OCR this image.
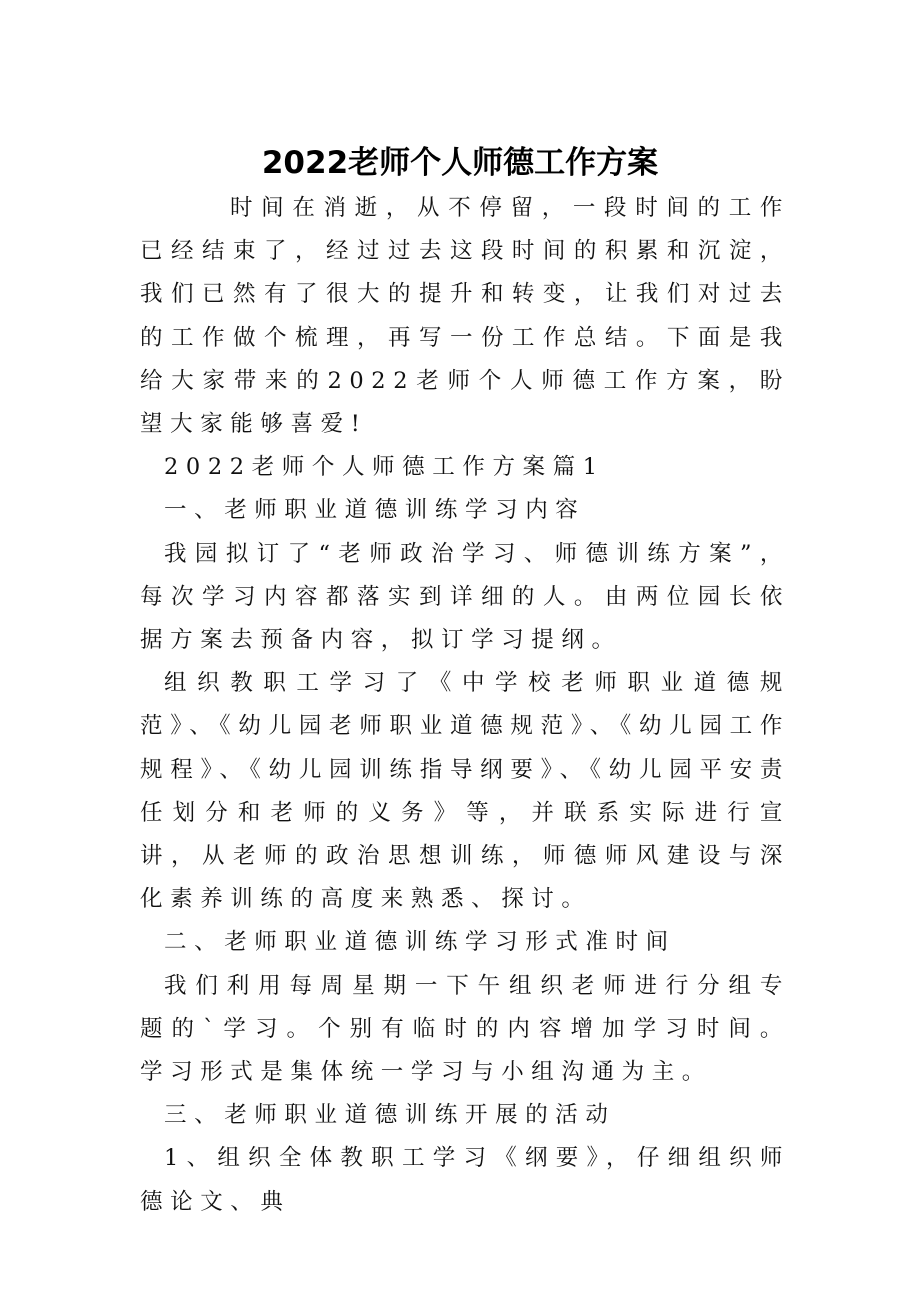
2022老师个人师德工作方案

时间在消逝，从不停留，一段时间的工作已经结束了，经过过去这段时间的积累和沉淀，我们已然有了很大的提升和转变，让我们对过去的工作做个梳理，再写一份工作总结。下面是我给大家带来的2022老师个人师德工作方案，盼望大家能够喜爱!

2022老师个人师德工作方案篇1

一、老师职业道德训练学习内容

我园拟订了“老师政治学习、师德训练方案”，每次学习内容都落实到详细的人。由两位园长依据方案去预备内容，拟订学习提纲。

组织教职工学习了《中学校老师职业道德规范》、《幼儿园老师职业道德规范》、《幼儿园工作规程》、《幼儿园训练指导纲要》、《幼儿园平安责任划分和老师的义务》等，并联系实际进行宣讲，从老师的政治思想训练，师德师风建设与深化素养训练的高度来熟悉、探讨。

二、老师职业道德训练学习形式准时间

我们利用每周星期一下午组织老师进行分组专题的`学习。个别有临时的内容增加学习时间。学习形式是集体统一学习与小组沟通为主。

三、老师职业道德训练开展的活动

1、组织全体教职工学习《纲要》，仔细组织师德论文、典
